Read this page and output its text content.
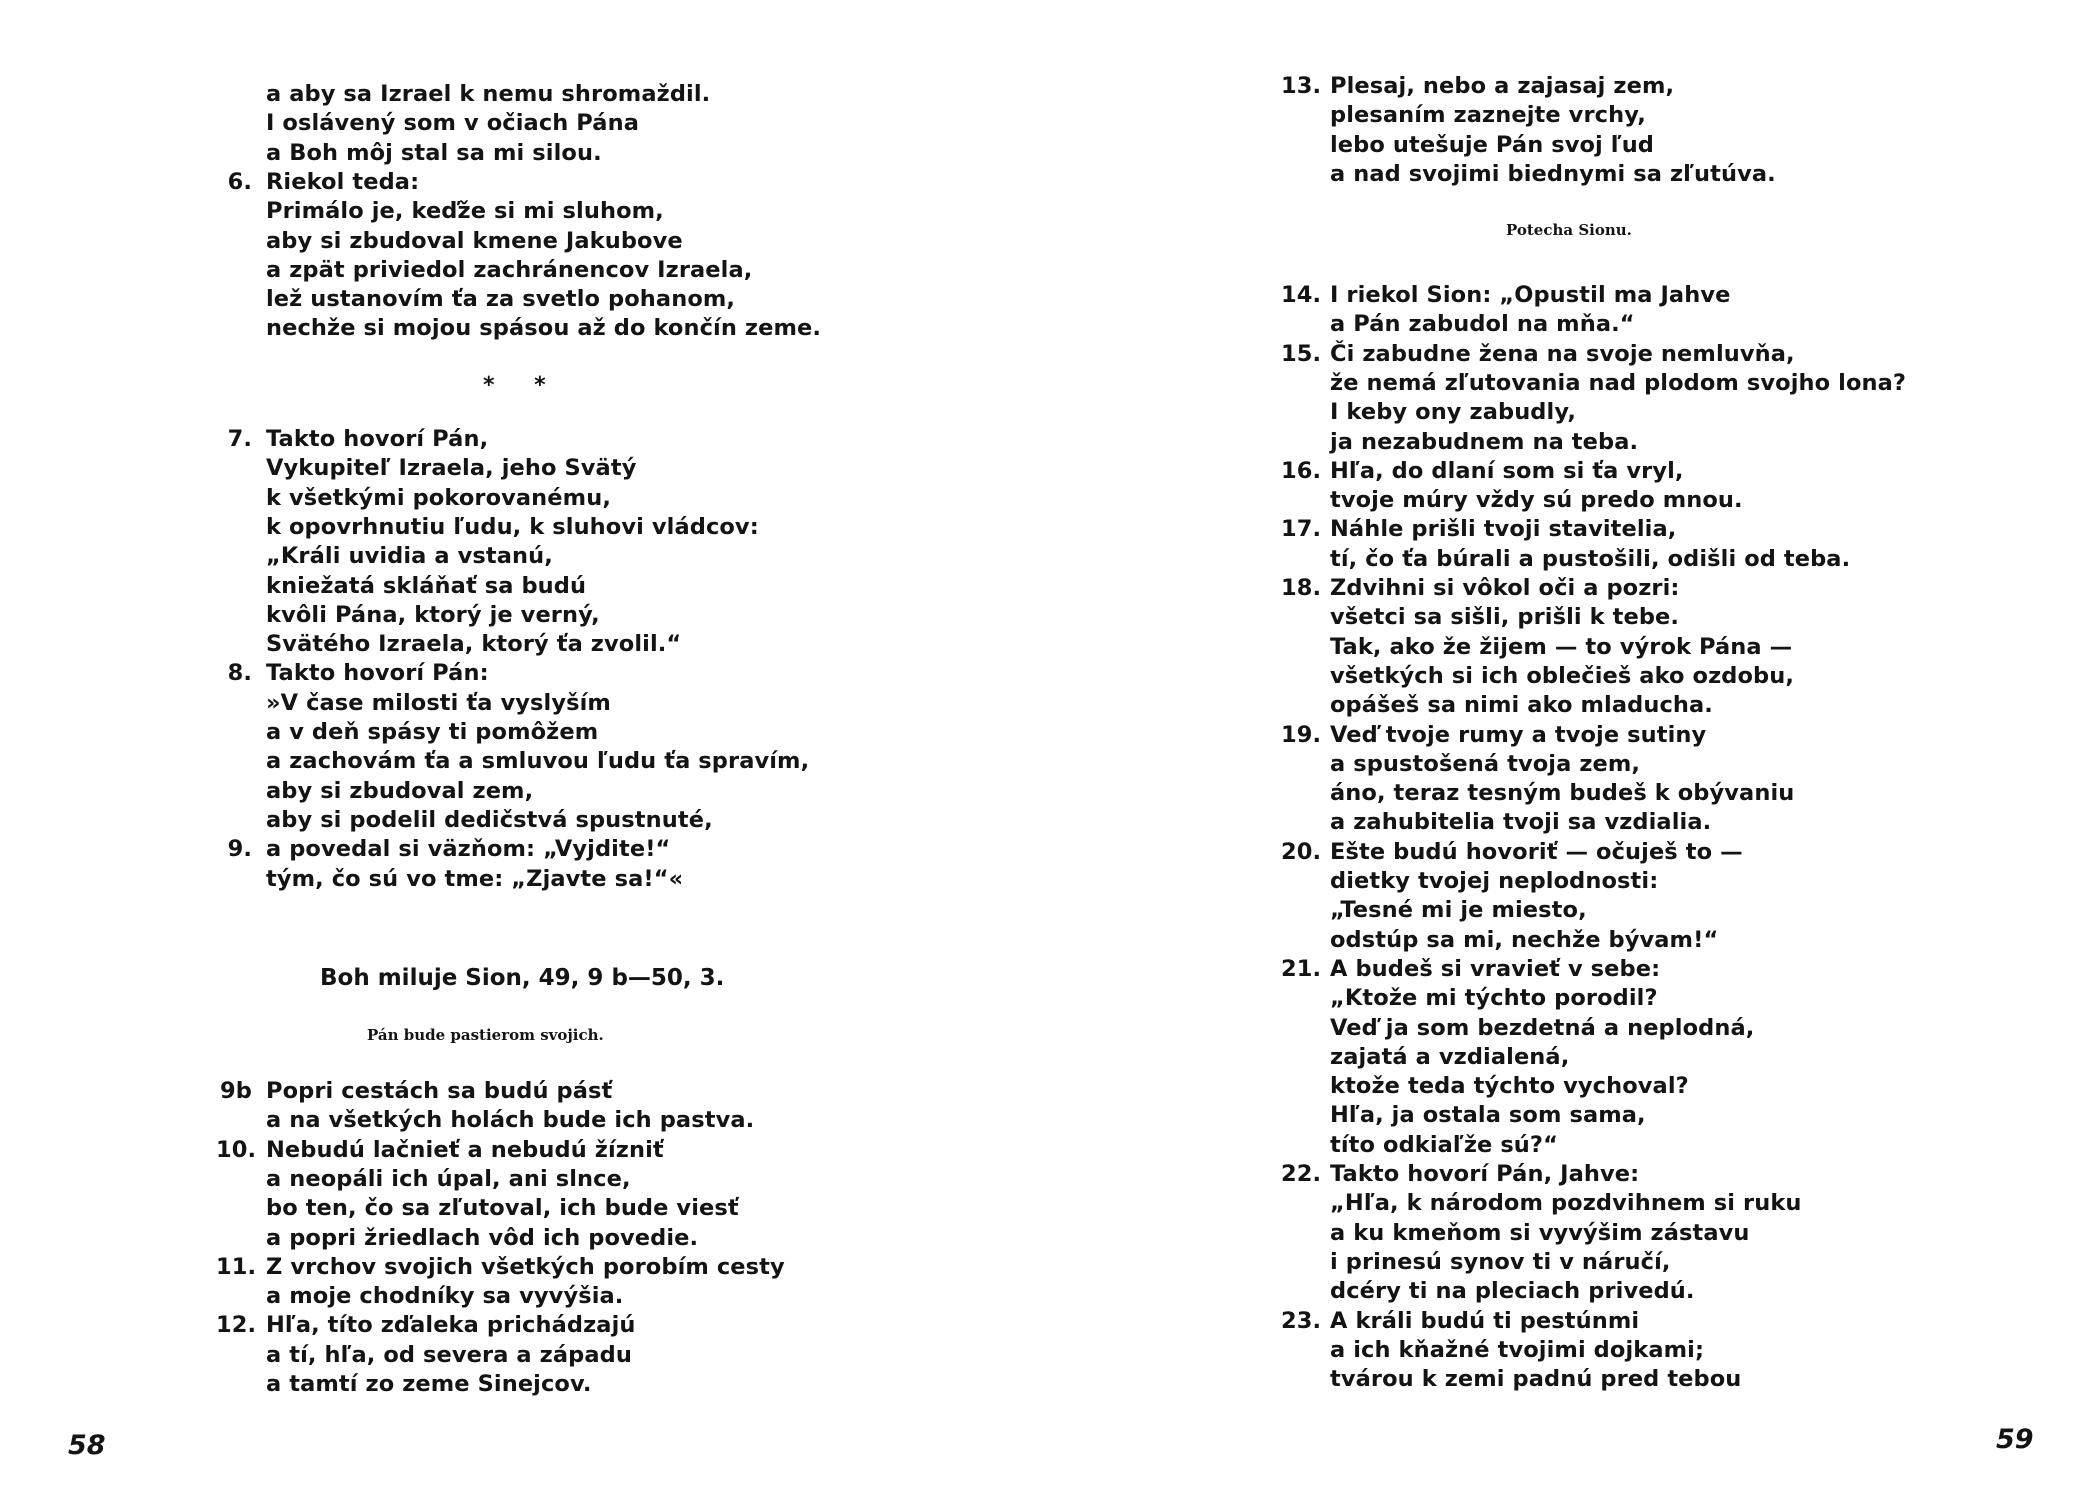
a aby sa Izrael k nemu shromaždil.
I oslávený som v očiach Pána
a Boh môj stal sa mi silou.
6. Riekol teda:
Primálo je, keďže si mi sluhom,
aby si zbudoval kmene Jakubove
a zpät priviedol zachránencov Izraela,
lež ustanovím ťa za svetlo pohanom,
nechže si mojou spásou až do končín zeme.
* *
7. Takto hovorí Pán,
Vykupiteľ Izraela, jeho Svätý
k všetkými pokorovanému,
k opovrhnutiu ľudu, k sluhovi vládcov:
„Králi uvidia a vstanú,
kniežatá skláňať sa budú
kvôli Pána, ktorý je verný,
Svätého Izraela, ktorý ťa zvolil.“
8. Takto hovorí Pán:
»V čase milosti ťa vyslyším
a v deň spásy ti pomôžem
a zachovám ťa a smluvou ľudu ťa spravím,
aby si zbudoval zem,
aby si podelil dedičstvá spustnuté,
9. a povedal si väzňom: „Vyjdite!“
tým, čo sú vo tme: „Zjavte sa!“«
Boh miluje Sion, 49, 9 b—50, 3.
Pán bude pastierom svojich.
9b Popri cestách sa budú pásť
a na všetkých holách bude ich pastva.
10. Nebudú lačnieť a nebudú žízniť
a neopáli ich úpal, ani slnce,
bo ten, čo sa zľutoval, ich bude viesť
a popri žriedlach vôd ich povedie.
11. Z vrchov svojich všetkých porobím cesty
a moje chodníky sa vyvýšia.
12. Hľa, títo zďaleka prichádzajú
a tí, hľa, od severa a západu
a tamtí zo zeme Sinejcov.
58
13. Plesaj, nebo a zajasaj zem,
plesaním zaznejte vrchy,
lebo utešuje Pán svoj ľud
a nad svojimi biednymi sa zľutúva.
Potecha Sionu.
14. I riekol Sion: „Opustil ma Jahve
a Pán zabudol na mňa.“
15. Či zabudne žena na svoje nemluvňa,
že nemá zľutovania nad plodom svojho lona?
I keby ony zabudly,
ja nezabudnem na teba.
16. Hľa, do dlaní som si ťa vryl,
tvoje múry vždy sú predo mnou.
17. Náhle prišli tvoji stavitelia,
tí, čo ťa búrali a pustošili, odišli od teba.
18. Zdvihni si vôkol oči a pozri:
všetci sa sišli, prišli k tebe.
Tak, ako že žijem — to výrok Pána —
všetkých si ich oblečieš ako ozdobu,
opášeš sa nimi ako mladucha.
19. Veď tvoje rumy a tvoje sutiny
a spustošená tvoja zem,
áno, teraz tesným budeš k obývaniu
a zahubitelia tvoji sa vzdialia.
20. Ešte budú hovoriť — očuješ to —
dietky tvojej neplodnosti:
„Tesné mi je miesto,
odstúp sa mi, nechže bývam!“
21. A budeš si vravieť v sebe:
„Ktože mi týchto porodil?
Veď ja som bezdetná a neplodná,
zajatá a vzdialená,
ktože teda týchto vychoval?
Hľa, ja ostala som sama,
títo odkiaľže sú?“
22. Takto hovorí Pán, Jahve:
„Hľa, k národom pozdvihnem si ruku
a ku kmeňom si vyvýšim zástavu
i prinesú synov ti v náručí,
dcéry ti na pleciach privedú.
23. A králi budú ti pestúnmi
a ich kňažné tvojimi dojkami;
tvárou k zemi padnú pred tebou
59
